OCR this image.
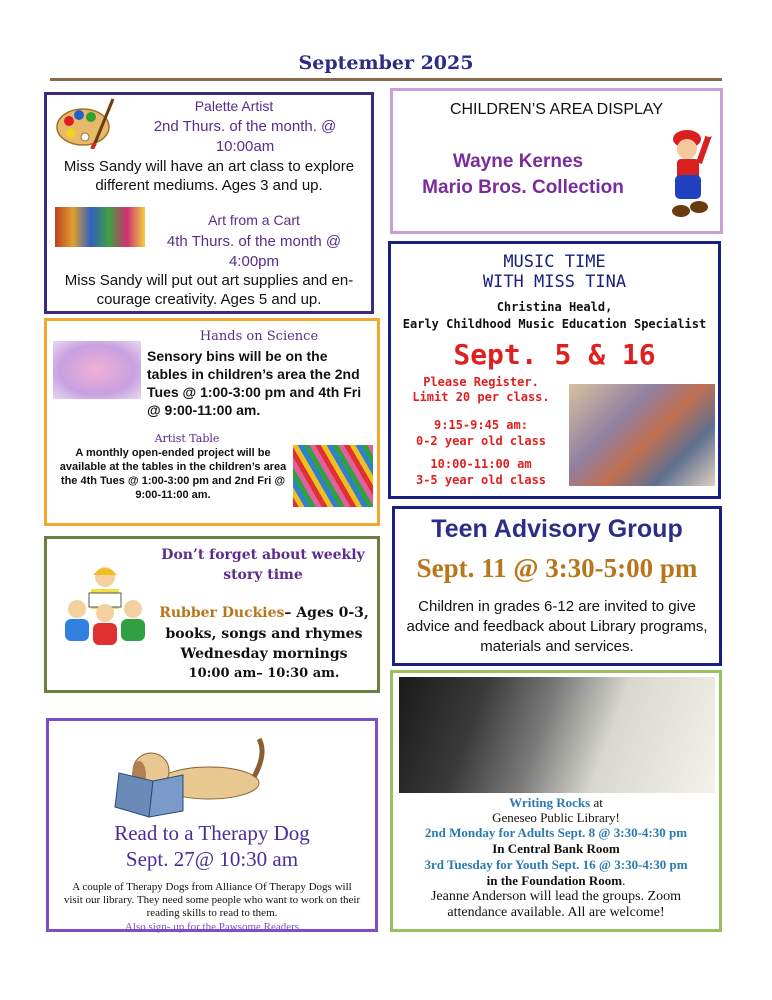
September 2025
Palette Artist
2nd Thurs. of the month. @ 10:00am
Miss Sandy will have an art class to explore different mediums. Ages 3 and up.
Art from a Cart
4th Thurs. of the month @ 4:00pm
Miss Sandy will put out art supplies and en-courage creativity. Ages 5 and up.
CHILDREN’S AREA DISPLAY
Wayne Kernes
Mario Bros. Collection
Hands on Science
Sensory bins will be on the tables in children’s area the 2nd Tues @ 1:00-3:00 pm and 4th Fri @ 9:00-11:00 am.
Artist Table
A monthly open-ended project will be available at the tables in the children’s area the 4th Tues @ 1:00-3:00 pm and 2nd Fri @ 9:00-11:00 am.
MUSIC TIME
WITH MISS TINA
Christina Heald,
Early Childhood Music Education Specialist
Sept. 5 & 16
Please Register.
Limit 20 per class.
9:15-9:45 am:
0-2 year old class
10:00-11:00 am
3-5 year old class
Don’t forget about weekly story time
Rubber Duckies– Ages 0-3,
books, songs and rhymes
Wednesday mornings
10:00 am– 10:30 am.
Teen Advisory Group
Sept. 11 @ 3:30-5:00 pm
Children in grades 6-12 are invited to give advice and feedback about Library programs, materials and services.
Writing Rocks at
Geneseo Public Library!
2nd Monday for Adults Sept. 8 @ 3:30-4:30 pm
In Central Bank Room
3rd Tuesday for Youth Sept. 16 @ 3:30-4:30 pm
in the Foundation Room.
Jeanne Anderson will lead the groups. Zoom attendance available. All are welcome!
Read to a Therapy Dog
Sept. 27@ 10:30 am
A couple of Therapy Dogs from Alliance Of Therapy Dogs will visit our library. They need some people who want to work on their reading skills to read to them.
Also sign- up for the Pawsome Readers
